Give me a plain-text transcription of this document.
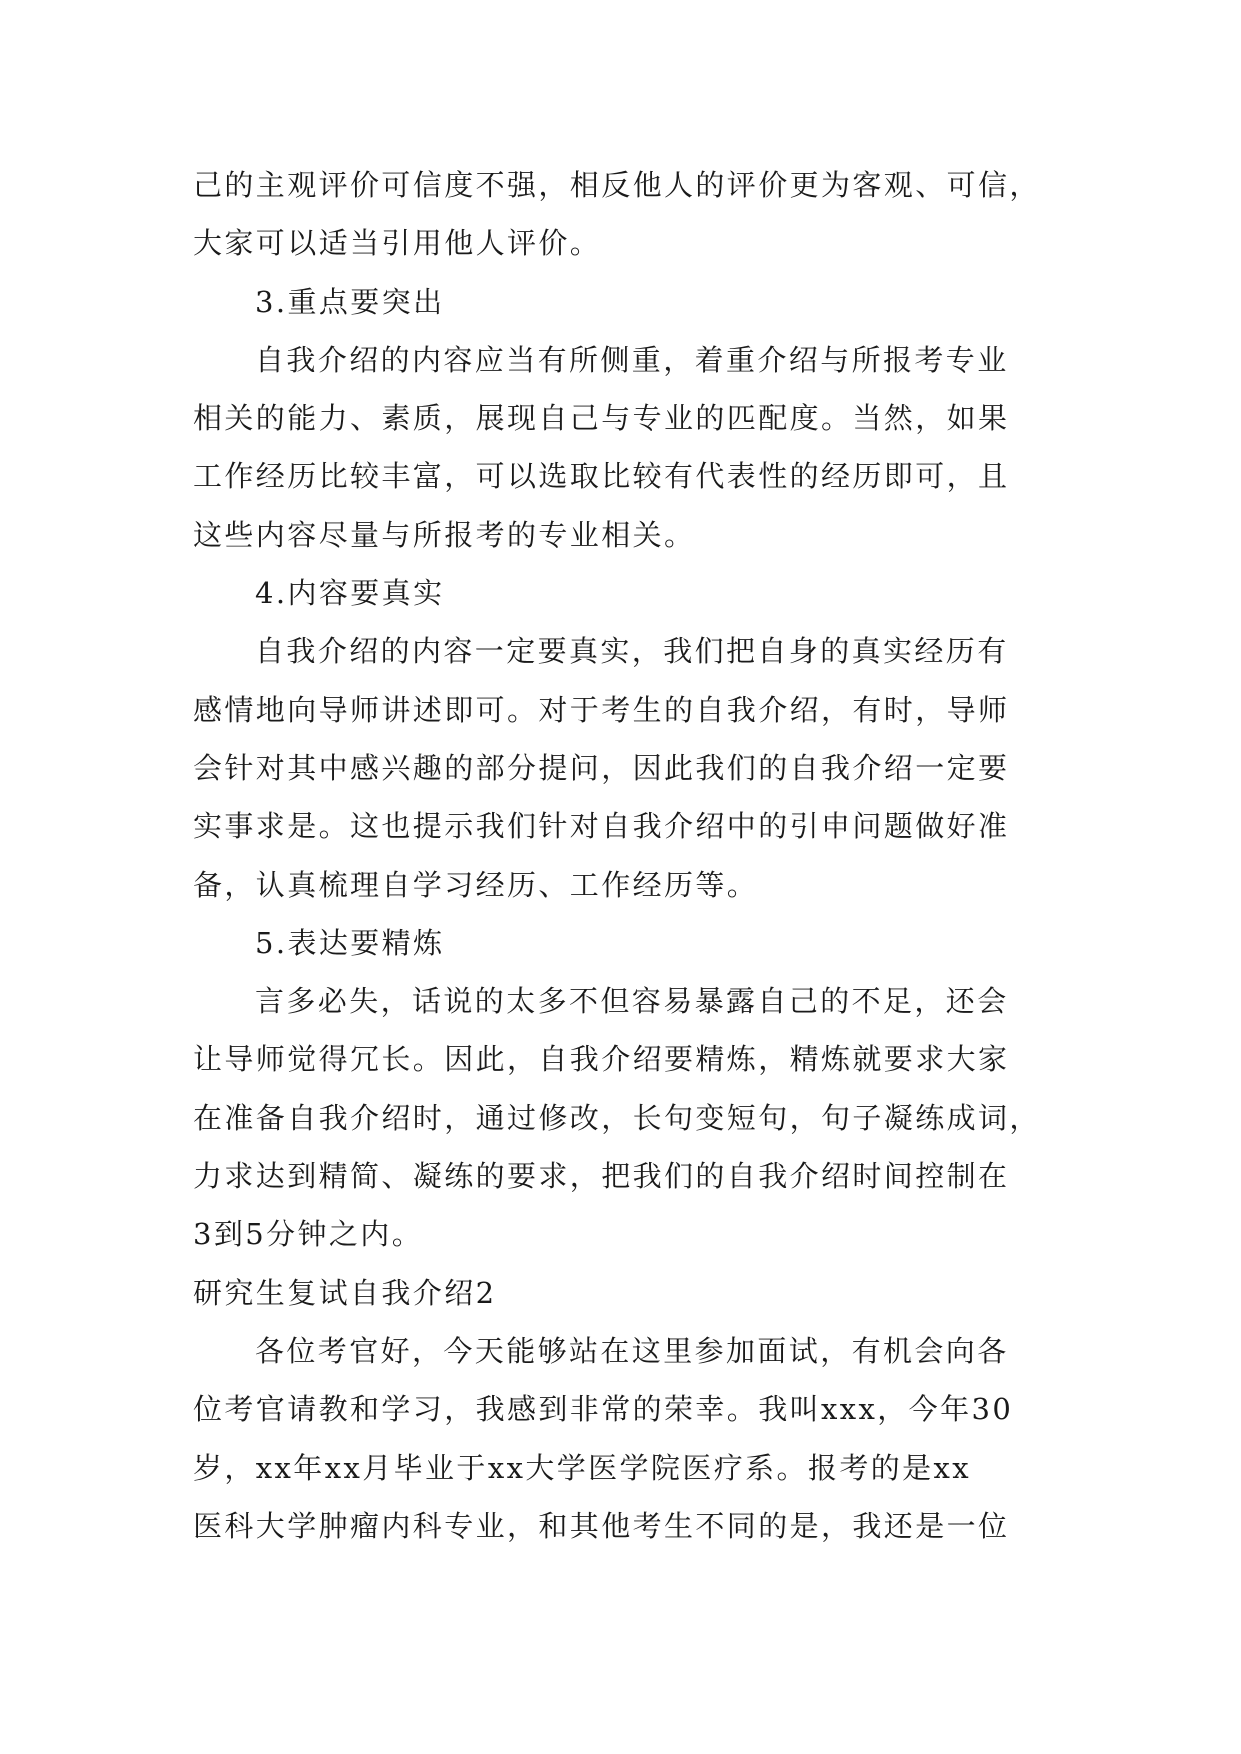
己的主观评价可信度不强，相反他人的评价更为客观、可信，
大家可以适当引用他人评价。
3.重点要突出
自我介绍的内容应当有所侧重，着重介绍与所报考专业
相关的能力、素质，展现自己与专业的匹配度。当然，如果
工作经历比较丰富，可以选取比较有代表性的经历即可，且
这些内容尽量与所报考的专业相关。
4.内容要真实
自我介绍的内容一定要真实，我们把自身的真实经历有
感情地向导师讲述即可。对于考生的自我介绍，有时，导师
会针对其中感兴趣的部分提问，因此我们的自我介绍一定要
实事求是。这也提示我们针对自我介绍中的引申问题做好准
备，认真梳理自学习经历、工作经历等。
5.表达要精炼
言多必失，话说的太多不但容易暴露自己的不足，还会
让导师觉得冗长。因此，自我介绍要精炼，精炼就要求大家
在准备自我介绍时，通过修改，长句变短句，句子凝练成词，
力求达到精简、凝练的要求，把我们的自我介绍时间控制在
3到5分钟之内。
研究生复试自我介绍2
各位考官好，今天能够站在这里参加面试，有机会向各
位考官请教和学习，我感到非常的荣幸。我叫xxx，今年30
岁，xx年xx月毕业于xx大学医学院医疗系。报考的是xx
医科大学肿瘤内科专业，和其他考生不同的是，我还是一位
